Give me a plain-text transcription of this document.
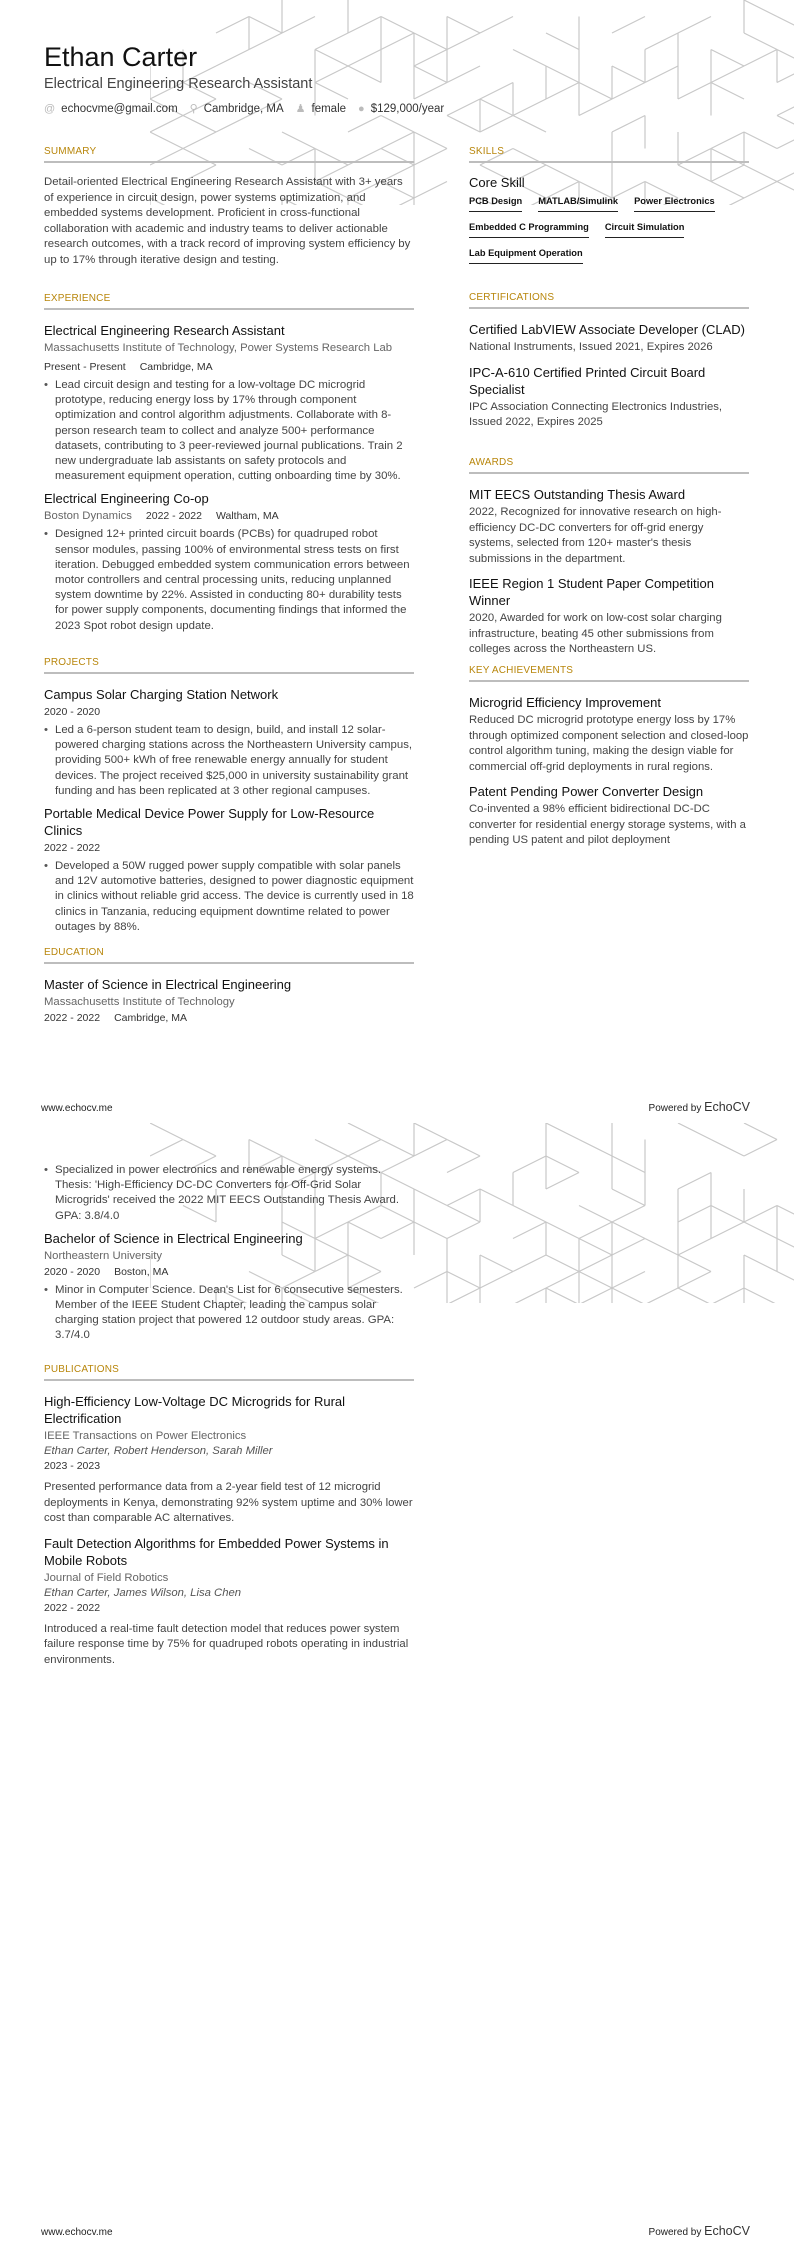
Ethan Carter
Electrical Engineering Research Assistant
@ echocvme@gmail.com ⚲ Cambridge, MA ♟ female ● $129,000/year
SUMMARY

Detail-oriented Electrical Engineering Research Assistant with 3+ years of experience in circuit design, power systems optimization, and embedded systems development. Proficient in cross-functional collaboration with academic and industry teams to deliver actionable research outcomes, with a track record of improving system efficiency by up to 17% through iterative design and testing.

EXPERIENCE
Electrical Engineering Research Assistant
Massachusetts Institute of Technology, Power Systems Research Lab
Present - Present Cambridge, MA
• Lead circuit design and testing for a low-voltage DC microgrid prototype, reducing energy loss by 17% through component optimization and control algorithm adjustments. Collaborate with 8-person research team to collect and analyze 500+ performance datasets, contributing to 3 peer-reviewed journal publications. Train 2 new undergraduate lab assistants on safety protocols and measurement equipment operation, cutting onboarding time by 30%.
Electrical Engineering Co-op
Boston Dynamics 2022 - 2022 Waltham, MA
• Designed 12+ printed circuit boards (PCBs) for quadruped robot sensor modules, passing 100% of environmental stress tests on first iteration. Debugged embedded system communication errors between motor controllers and central processing units, reducing unplanned system downtime by 22%. Assisted in conducting 80+ durability tests for power supply components, documenting findings that informed the 2023 Spot robot design update.
PROJECTS
Campus Solar Charging Station Network
2020 - 2020
• Led a 6-person student team to design, build, and install 12 solar-powered charging stations across the Northeastern University campus, providing 500+ kWh of free renewable energy annually for student devices. The project received $25,000 in university sustainability grant funding and has been replicated at 3 other regional campuses.
Portable Medical Device Power Supply for Low-Resource Clinics
2022 - 2022
• Developed a 50W rugged power supply compatible with solar panels and 12V automotive batteries, designed to power diagnostic equipment in clinics without reliable grid access. The device is currently used in 18 clinics in Tanzania, reducing equipment downtime related to power outages by 88%.
EDUCATION
Master of Science in Electrical Engineering
Massachusetts Institute of Technology
2022 - 2022 Cambridge, MA
SKILLS
Core Skill
PCB Design MATLAB/Simulink Power Electronics
Embedded C Programming Circuit Simulation
Lab Equipment Operation
CERTIFICATIONS
Certified LabVIEW Associate Developer (CLAD)

National Instruments, Issued 2021, Expires 2026

IPC-A-610 Certified Printed Circuit Board Specialist

IPC Association Connecting Electronics Industries, Issued 2022, Expires 2025

AWARDS
MIT EECS Outstanding Thesis Award

2022, Recognized for innovative research on high-efficiency DC-DC converters for off-grid energy systems, selected from 120+ master's thesis submissions in the department.

IEEE Region 1 Student Paper Competition Winner

2020, Awarded for work on low-cost solar charging infrastructure, beating 45 other submissions from colleges across the Northeastern US.

KEY ACHIEVEMENTS
Microgrid Efficiency Improvement

Reduced DC microgrid prototype energy loss by 17% through optimized component selection and closed-loop control algorithm tuning, making the design viable for commercial off-grid deployments in rural regions.

Patent Pending Power Converter Design

Co-invented a 98% efficient bidirectional DC-DC converter for residential energy storage systems, with a pending US patent and pilot deployment

www.echocv.me	Powered by EchoCV
• Specialized in power electronics and renewable energy systems. Thesis: 'High-Efficiency DC-DC Converters for Off-Grid Solar Microgrids' received the 2022 MIT EECS Outstanding Thesis Award. GPA: 3.8/4.0
Bachelor of Science in Electrical Engineering
Northeastern University
2020 - 2020 Boston, MA
• Minor in Computer Science. Dean's List for 6 consecutive semesters. Member of the IEEE Student Chapter, leading the campus solar charging station project that powered 12 outdoor study areas. GPA: 3.7/4.0
PUBLICATIONS
High-Efficiency Low-Voltage DC Microgrids for Rural Electrification
IEEE Transactions on Power Electronics
Ethan Carter, Robert Henderson, Sarah Miller
2023 - 2023

Presented performance data from a 2-year field test of 12 microgrid deployments in Kenya, demonstrating 92% system uptime and 30% lower cost than comparable AC alternatives.

Fault Detection Algorithms for Embedded Power Systems in Mobile Robots
Journal of Field Robotics
Ethan Carter, James Wilson, Lisa Chen
2022 - 2022

Introduced a real-time fault detection model that reduces power system failure response time by 75% for quadruped robots operating in industrial environments.

www.echocv.me	Powered by EchoCV
